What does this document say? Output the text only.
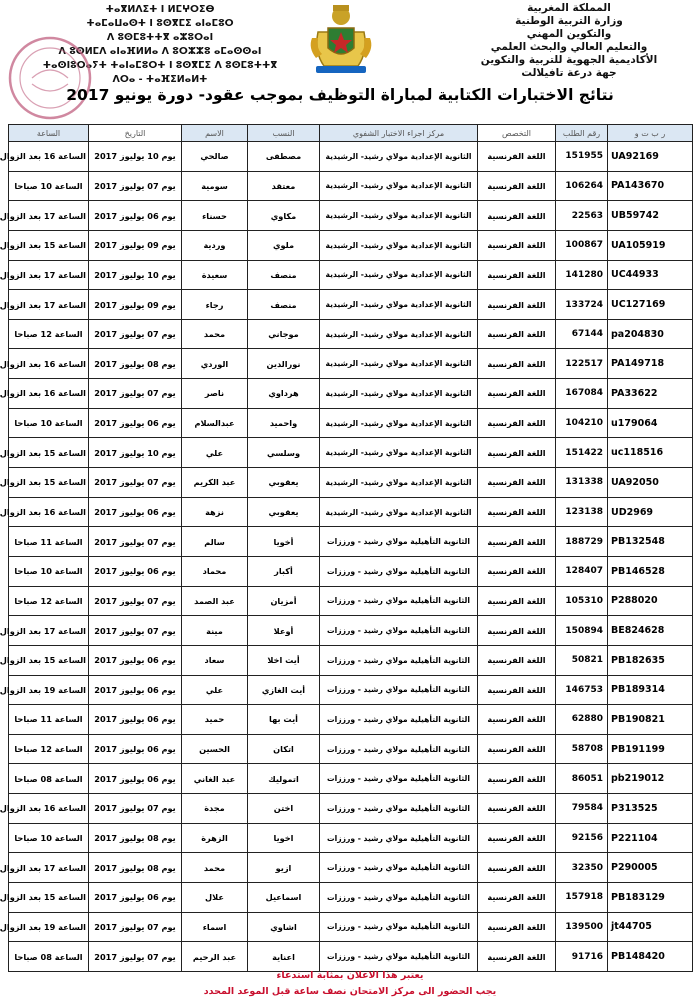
ⵜⴰⴳⵍⴷⵉⵜ ⵏ ⵍⵎⵖⵔⵉⴱ
ⵜⴰⵎⴰⵡⴰⵙⵜ ⵏ ⵓⵙⴳⵎⵉ ⴰⵏⴰⵎⵓⵔ
ⴷ ⵓⵙⵎⵓⵜⵜⴳ ⴰⵣⵓⵔⴰⵏ
ⴷ ⵓⵙⵍⵎⴷ ⴰⵏⴰⴼⵍⵍⴰ ⴷ ⵓⵔⵣⵣⵓ ⴰⵎⴰⵙⵙⴰⵏ
ⵜⴰⵙⵏⵓⵔⴰⵢⵜ ⵜⴰⵏⴰⵎⵓⵔⵜ ⵏ ⵓⵙⴳⵎⵉ ⴷ ⵓⵙⵎⵓⵜⵜⴳ
ⴷⵔⴰ - ⵜⴰⴼⵉⵍⴰⵍⵜ
المملكة المغربية
وزارة التربية الوطنية
والتكوين المهني
والتعليم العالي والبحث العلمي
الأكاديمية الجهوية للتربية والتكوين
جهة درعة تافيلالت
نتائج الاختبارات الكتابية لمباراة التوظيف بموجب عقود- دورة يونيو 2017
ر ب ت و	رقم الطلب	التخصص	مركز اجراء الاختبار الشفوي	النسب	الاسم	التاريخ	الساعة
UA92169	151955	اللغة الفرنسية	الثانوية الإعدادية مولاي رشيد- الرشيدية	مصطفى	صالحي	يوم 10 يوليوز 2017	الساعة 16 بعد الزوال
PA143670	106264	اللغة الفرنسية	الثانوية الإعدادية مولاي رشيد- الرشيدية	معتقد	سومية	يوم 07 يوليوز 2017	الساعة 10 صباحا
UB59742	22563	اللغة الفرنسية	الثانوية الإعدادية مولاي رشيد- الرشيدية	مكاوي	حسناء	يوم 06 يوليوز 2017	الساعة 17 بعد الزوال
UA105919	100867	اللغة الفرنسية	الثانوية الإعدادية مولاي رشيد- الرشيدية	ملوي	وردية	يوم 09 يوليوز 2017	الساعة 15 بعد الزوال
UC44933	141280	اللغة الفرنسية	الثانوية الإعدادية مولاي رشيد- الرشيدية	منصف	سعيدة	يوم 10 يوليوز 2017	الساعة 17 بعد الزوال
UC127169	133724	اللغة الفرنسية	الثانوية الإعدادية مولاي رشيد- الرشيدية	منصف	رجاء	يوم 09 يوليوز 2017	الساعة 17 بعد الزوال
pa204830	67144	اللغة الفرنسية	الثانوية الإعدادية مولاي رشيد- الرشيدية	موجاني	محمد	يوم 07 يوليوز 2017	الساعة 12 صباحا
PA149718	122517	اللغة الفرنسية	الثانوية الإعدادية مولاي رشيد- الرشيدية	نورالدين	الوردي	يوم 08 يوليوز 2017	الساعة 16 بعد الزوال
PA33622	167084	اللغة الفرنسية	الثانوية الإعدادية مولاي رشيد- الرشيدية	هرداوي	ناصر	يوم 07 يوليوز 2017	الساعة 16 بعد الزوال
u179064	104210	اللغة الفرنسية	الثانوية الإعدادية مولاي رشيد- الرشيدية	واحميد	عبدالسلام	يوم 06 يوليوز 2017	الساعة 10 صباحا
uc118516	151422	اللغة الفرنسية	الثانوية الإعدادية مولاي رشيد- الرشيدية	وسلسي	علي	يوم 10 يوليوز 2017	الساعة 15 بعد الزوال
UA92050	131338	اللغة الفرنسية	الثانوية الإعدادية مولاي رشيد- الرشيدية	يعقوبي	عبد الكريم	يوم 07 يوليوز 2017	الساعة 15 بعد الزوال
UD2969	123138	اللغة الفرنسية	الثانوية الإعدادية مولاي رشيد- الرشيدية	يعقوبي	نزهة	يوم 06 يوليوز 2017	الساعة 16 بعد الزوال
PB132548	188729	اللغة الفرنسية	الثانوية التأهيلية مولاي رشيد - ورززات	أخويا	سالم	يوم 07 يوليوز 2017	الساعة 11 صباحا
PB146528	128407	اللغة الفرنسية	الثانوية التأهيلية مولاي رشيد - ورززات	أكبار	محماد	يوم 06 يوليوز 2017	الساعة 10 صباحا
P288020	105310	اللغة الفرنسية	الثانوية التأهيلية مولاي رشيد - ورززات	أمزيان	عبد الصمد	يوم 07 يوليوز 2017	الساعة 12 صباحا
BE824628	150894	اللغة الفرنسية	الثانوية التأهيلية مولاي رشيد - ورززات	أوعلا	مينة	يوم 07 يوليوز 2017	الساعة 17 بعد الزوال
PB182635	50821	اللغة الفرنسية	الثانوية التأهيلية مولاي رشيد - ورززات	أيت اخلا	سعاد	يوم 06 يوليوز 2017	الساعة 15 بعد الزوال
PB189314	146753	اللغة الفرنسية	الثانوية التأهيلية مولاي رشيد - ورززات	أيت الغازي	علي	يوم 06 يوليوز 2017	الساعة 19 بعد الزوال
PB190821	62880	اللغة الفرنسية	الثانوية التأهيلية مولاي رشيد - ورززات	أيت بها	حميد	يوم 06 يوليوز 2017	الساعة 11 صباحا
PB191199	58708	اللغة الفرنسية	الثانوية التأهيلية مولاي رشيد - ورززات	اتكان	الحسين	يوم 06 يوليوز 2017	الساعة 12 صباحا
pb219012	86051	اللغة الفرنسية	الثانوية التأهيلية مولاي رشيد - ورززات	اتموليك	عبد الغاني	يوم 06 يوليوز 2017	الساعة 08 صباحا
P313525	79584	اللغة الفرنسية	الثانوية التأهيلية مولاي رشيد - ورززات	اختن	مجدة	يوم 07 يوليوز 2017	الساعة 16 بعد الزوال
P221104	92156	اللغة الفرنسية	الثانوية التأهيلية مولاي رشيد - ورززات	اخويا	الزهرة	يوم 08 يوليوز 2017	الساعة 10 صباحا
P290005	32350	اللغة الفرنسية	الثانوية التأهيلية مولاي رشيد - ورززات	ازيو	محمد	يوم 08 يوليوز 2017	الساعة 17 بعد الزوال
PB183129	157918	اللغة الفرنسية	الثانوية التأهيلية مولاي رشيد - ورززات	اسماعيل	علال	يوم 06 يوليوز 2017	الساعة 15 بعد الزوال
jt44705	139500	اللغة الفرنسية	الثانوية التأهيلية مولاي رشيد - ورززات	اشاوي	اسماء	يوم 07 يوليوز 2017	الساعة 19 بعد الزوال
PB148420	91716	اللغة الفرنسية	الثانوية التأهيلية مولاي رشيد - ورززات	اعناية	عبد الرحيم	يوم 07 يوليوز 2017	الساعة 08 صباحا
يعتبر هذا الاعلان بمثابة استدعاء
يجب الحضور الى مركز الامتحان نصف ساعة قبل الموعد المحدد
